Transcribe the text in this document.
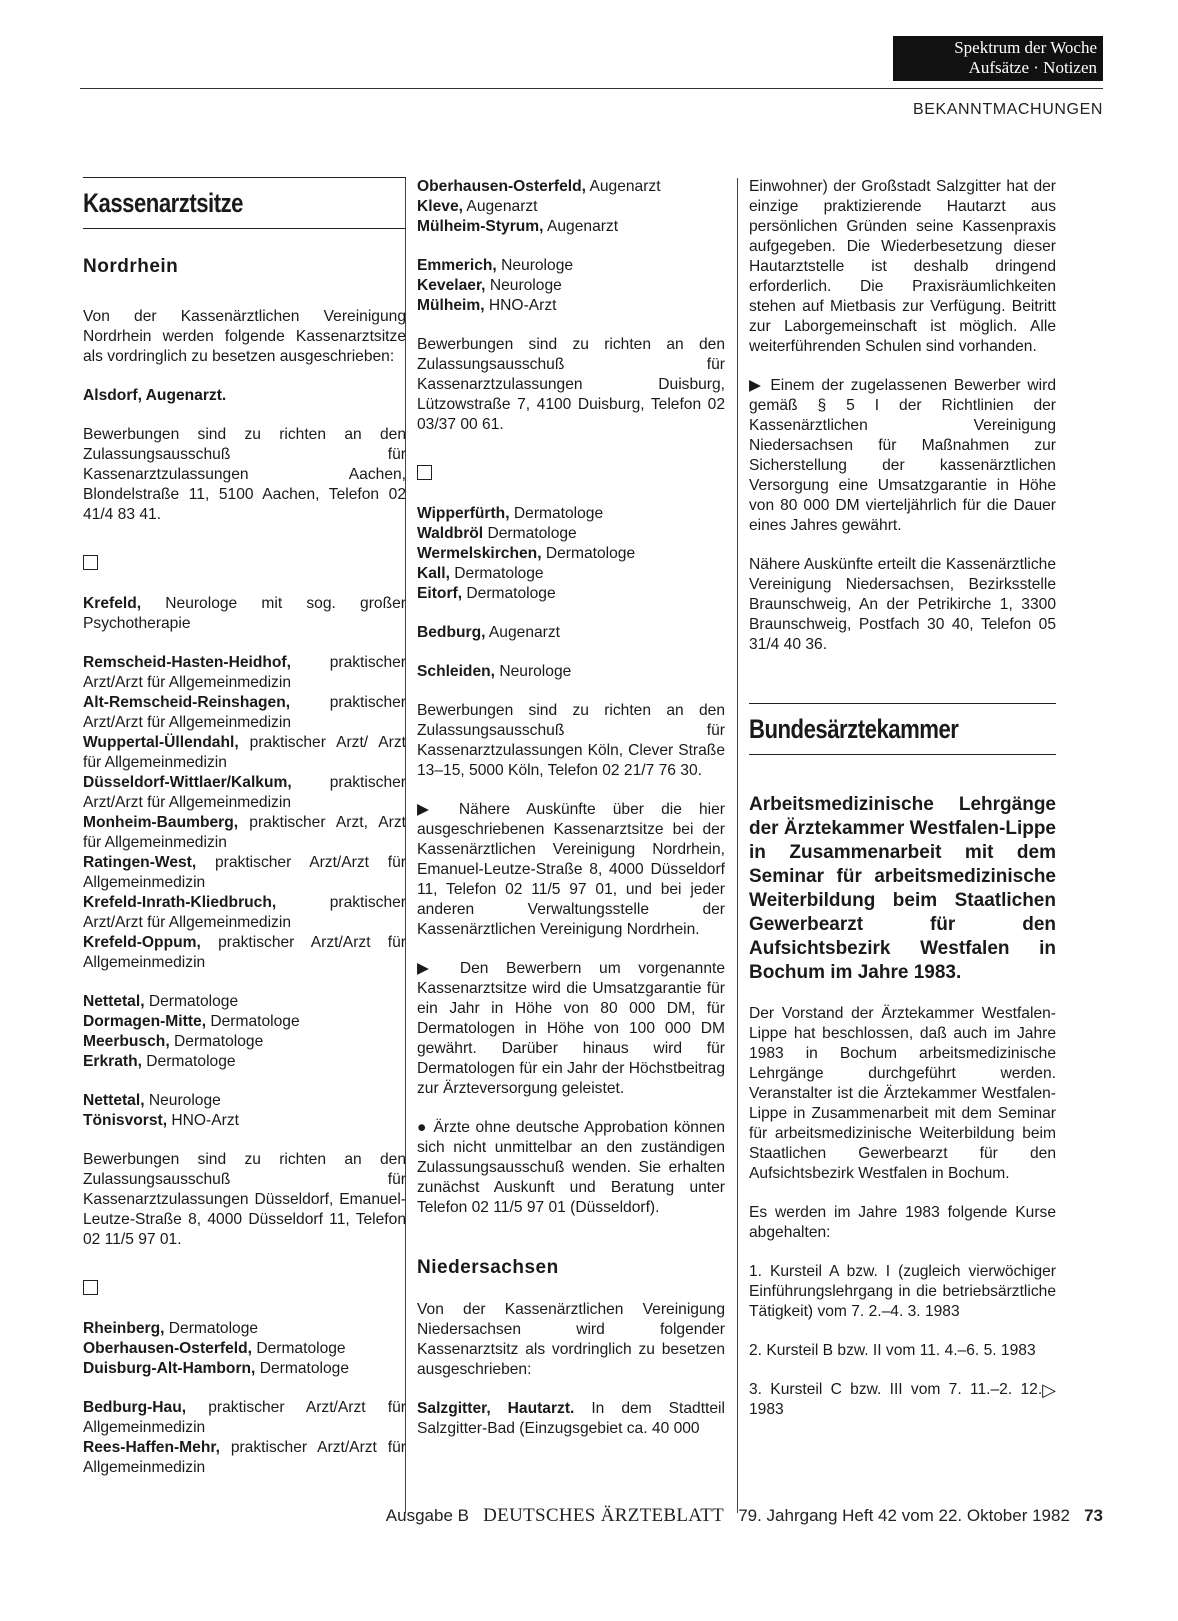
Spektrum der Woche
Aufsätze · Notizen
BEKANNTMACHUNGEN
Kassenarztsitze
Nordrhein

Von der Kassenärztlichen Vereinigung Nordrhein werden folgende Kassenarztsitze als vordringlich zu besetzen ausgeschrieben:

Alsdorf, Augenarzt.

Bewerbungen sind zu richten an den Zulassungsausschuß für Kassenarztzulassungen Aachen, Blondelstraße 11, 5100 Aachen, Telefon 02 41/4 83 41.

Krefeld, Neurologe mit sog. großer Psychotherapie

Remscheid-Hasten-Heidhof, praktischer Arzt/Arzt für Allgemeinmedizin

Alt-Remscheid-Reinshagen, praktischer Arzt/Arzt für Allgemeinmedizin

Wuppertal-Üllendahl, praktischer Arzt/ Arzt für Allgemeinmedizin

Düsseldorf-Wittlaer/Kalkum, praktischer Arzt/Arzt für Allgemeinmedizin

Monheim-Baumberg, praktischer Arzt, Arzt für Allgemeinmedizin

Ratingen-West, praktischer Arzt/Arzt für Allgemeinmedizin

Krefeld-Inrath-Kliedbruch, praktischer Arzt/Arzt für Allgemeinmedizin

Krefeld-Oppum, praktischer Arzt/Arzt für Allgemeinmedizin

Nettetal, Dermatologe

Dormagen-Mitte, Dermatologe

Meerbusch, Dermatologe

Erkrath, Dermatologe

Nettetal, Neurologe

Tönisvorst, HNO-Arzt

Bewerbungen sind zu richten an den Zulassungsausschuß für Kassenarztzulassungen Düsseldorf, Emanuel-Leutze-Straße 8, 4000 Düsseldorf 11, Telefon 02 11/5 97 01.

Rheinberg, Dermatologe

Oberhausen-Osterfeld, Dermatologe

Duisburg-Alt-Hamborn, Dermatologe

Bedburg-Hau, praktischer Arzt/Arzt für Allgemeinmedizin

Rees-Haffen-Mehr, praktischer Arzt/Arzt für Allgemeinmedizin

Oberhausen-Osterfeld, Augenarzt

Kleve, Augenarzt

Mülheim-Styrum, Augenarzt

Emmerich, Neurologe

Kevelaer, Neurologe

Mülheim, HNO-Arzt

Bewerbungen sind zu richten an den Zulassungsausschuß für Kassenarztzulassungen Duisburg, Lützowstraße 7, 4100 Duisburg, Telefon 02 03/37 00 61.

Wipperfürth, Dermatologe

Waldbröl Dermatologe

Wermelskirchen, Dermatologe

Kall, Dermatologe

Eitorf, Dermatologe

Bedburg, Augenarzt

Schleiden, Neurologe

Bewerbungen sind zu richten an den Zulassungsausschuß für Kassenarztzulassungen Köln, Clever Straße 13–15, 5000 Köln, Telefon 02 21/7 76 30.

▶ Nähere Auskünfte über die hier ausgeschriebenen Kassenarztsitze bei der Kassenärztlichen Vereinigung Nordrhein, Emanuel-Leutze-Straße 8, 4000 Düsseldorf 11, Telefon 02 11/5 97 01, und bei jeder anderen Verwaltungsstelle der Kassenärztlichen Vereinigung Nordrhein.

▶ Den Bewerbern um vorgenannte Kassenarztsitze wird die Umsatzgarantie für ein Jahr in Höhe von 80 000 DM, für Dermatologen in Höhe von 100 000 DM gewährt. Darüber hinaus wird für Dermatologen für ein Jahr der Höchstbeitrag zur Ärzteversorgung geleistet.

● Ärzte ohne deutsche Approbation können sich nicht unmittelbar an den zuständigen Zulassungsausschuß wenden. Sie erhalten zunächst Auskunft und Beratung unter Telefon 02 11/5 97 01 (Düsseldorf).

Niedersachsen

Von der Kassenärztlichen Vereinigung Niedersachsen wird folgender Kassenarztsitz als vordringlich zu besetzen ausgeschrieben:

Salzgitter, Hautarzt. In dem Stadtteil Salzgitter-Bad (Einzugsgebiet ca. 40 000

Einwohner) der Großstadt Salzgitter hat der einzige praktizierende Hautarzt aus persönlichen Gründen seine Kassenpraxis aufgegeben. Die Wiederbesetzung dieser Hautarztstelle ist deshalb dringend erforderlich. Die Praxisräumlichkeiten stehen auf Mietbasis zur Verfügung. Beitritt zur Laborgemeinschaft ist möglich. Alle weiterführenden Schulen sind vorhanden.

▶ Einem der zugelassenen Bewerber wird gemäß § 5 I der Richtlinien der Kassenärztlichen Vereinigung Niedersachsen für Maßnahmen zur Sicherstellung der kassenärztlichen Versorgung eine Umsatzgarantie in Höhe von 80 000 DM vierteljährlich für die Dauer eines Jahres gewährt.

Nähere Auskünfte erteilt die Kassenärztliche Vereinigung Niedersachsen, Bezirksstelle Braunschweig, An der Petrikirche 1, 3300 Braunschweig, Postfach 30 40, Telefon 05 31/4 40 36.

Bundesärztekammer

Arbeitsmedizinische Lehrgänge der Ärztekammer Westfalen-Lippe in Zusammenarbeit mit dem Seminar für arbeitsmedizinische Weiterbildung beim Staatlichen Gewerbearzt für den Aufsichtsbezirk Westfalen in Bochum im Jahre 1983.

Der Vorstand der Ärztekammer Westfalen-Lippe hat beschlossen, daß auch im Jahre 1983 in Bochum arbeitsmedizinische Lehrgänge durchgeführt werden. Veranstalter ist die Ärztekammer Westfalen-Lippe in Zusammenarbeit mit dem Seminar für arbeitsmedizinische Weiterbildung beim Staatlichen Gewerbearzt für den Aufsichtsbezirk Westfalen in Bochum.

Es werden im Jahre 1983 folgende Kurse abgehalten:

1. Kursteil A bzw. I (zugleich vierwöchiger Einführungslehrgang in die betriebsärztliche Tätigkeit) vom 7. 2.–4. 3. 1983

2. Kursteil B bzw. II vom 11. 4.–6. 5. 1983

▷
3. Kursteil C bzw. III vom 7. 11.–2. 12. 1983

Ausgabe B DEUTSCHES ÄRZTEBLATT 79. Jahrgang Heft 42 vom 22. Oktober 1982 73
